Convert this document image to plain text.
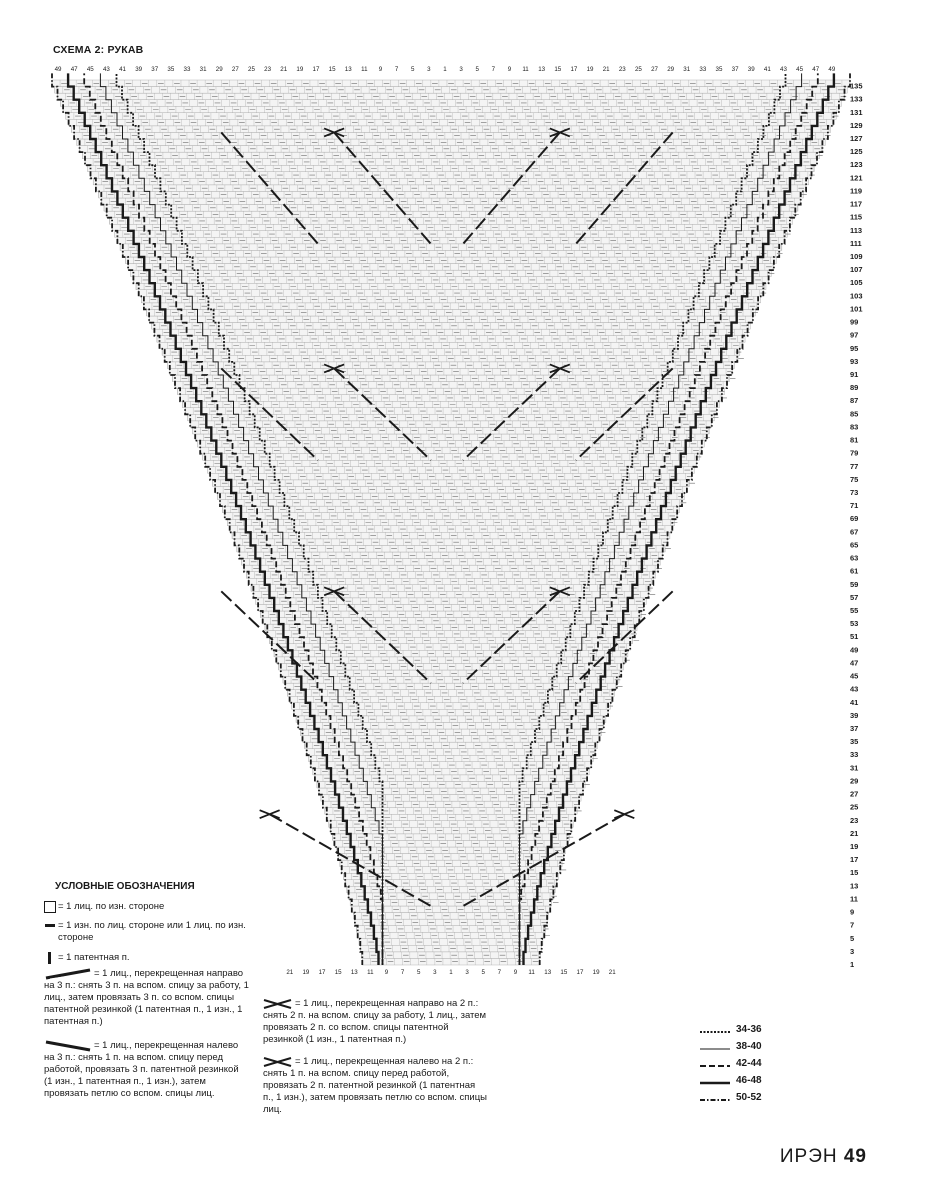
СХЕМА 2: РУКАВ
49 47 45 43 41 39 37 35 33 31 29 27 25 23 21 19 17 15 13 11 9 7 5 3 1 3 5 7 9 11 13 15 17 19 21 23 25 27 29 31 33 35 37 39 41 43 45 47 49
21 19 17 15 13 11 9 7 5 3 1 3 5 7 9 11 13 15 17 19 21
135
133
131
129
127
125
123
121
119
117
115
113
111
109
107
105
103
101
99
97
95
93
91
89
87
85
83
81
79
77
75
73
71
69
67
65
63
61
59
57
55
53
51
49
47
45
43
41
39
37
35
33
31
29
27
25
23
21
19
17
15
13
11
9
7
5
3
1
УСЛОВНЫЕ ОБОЗНАЧЕНИЯ
= 1 лиц. по изн. стороне
= 1 изн. по лиц. стороне или 1 лиц. по изн. стороне
= 1 патентная п.
= 1 лиц., перекрещенная направо на 3 п.: снять 3 п. на вспом. спицу за работу, 1 лиц., затем провязать 3 п. со вспом. спицы патентной резинкой (1 патентная п., 1 изн., 1 патентная п.)
= 1 лиц., перекрещенная налево на 3 п.: снять 1 п. на вспом. спицу перед работой, провязать 3 п. патентной резинкой (1 изн., 1 патентная п., 1 изн.), затем провязать петлю со вспом. спицы лиц.
= 1 лиц., перекрещенная направо на 2 п.: снять 2 п. на вспом. спицу за работу, 1 лиц., затем провязать 2 п. со вспом. спицы патентной резинкой (1 изн., 1 патентная п.)
= 1 лиц., перекрещенная налево на 2 п.: снять 1 п. на вспом. спицу перед работой, провязать 2 п. патентной резинкой (1 патентная п., 1 изн.), затем провязать петлю со вспом. спицы лиц.
34-36
38-40
42-44
46-48
50-52
ИРЭН 49
